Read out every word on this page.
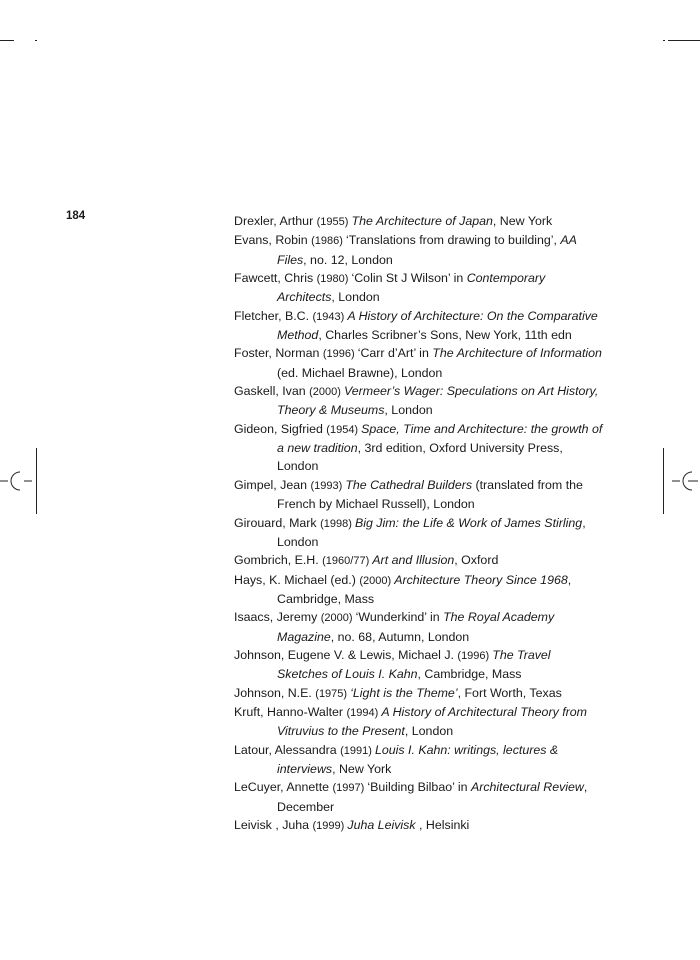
184	Drexler, Arthur (1955) The Architecture of Japan, New York
Evans, Robin (1986) ‘Translations from drawing to building’, AA Files, no. 12, London
Fawcett, Chris (1980) ‘Colin St J Wilson’ in Contemporary Architects, London
Fletcher, B.C. (1943) A History of Architecture: On the Comparative Method, Charles Scribner’s Sons, New York, 11th edn
Foster, Norman (1996) ‘Carr d’Art’ in The Architecture of Information (ed. Michael Brawne), London
Gaskell, Ivan (2000) Vermeer’s Wager: Speculations on Art History, Theory & Museums, London
Gideon, Sigfried (1954) Space, Time and Architecture: the growth of a new tradition, 3rd edition, Oxford University Press, London
Gimpel, Jean (1993) The Cathedral Builders (translated from the French by Michael Russell), London
Girouard, Mark (1998) Big Jim: the Life & Work of James Stirling, London
Gombrich, E.H. (1960/77) Art and Illusion, Oxford
Hays, K. Michael (ed.) (2000) Architecture Theory Since 1968, Cambridge, Mass
Isaacs, Jeremy (2000) ‘Wunderkind’ in The Royal Academy Magazine, no. 68, Autumn, London
Johnson, Eugene V. & Lewis, Michael J. (1996) The Travel Sketches of Louis I. Kahn, Cambridge, Mass
Johnson, N.E. (1975) ‘Light is the Theme’, Fort Worth, Texas
Kruft, Hanno-Walter (1994) A History of Architectural Theory from Vitruvius to the Present, London
Latour, Alessandra (1991) Louis I. Kahn: writings, lectures & interviews, New York
LeCuyer, Annette (1997) ‘Building Bilbao’ in Architectural Review, December
Leivisk , Juha (1999) Juha Leivisk , Helsinki
